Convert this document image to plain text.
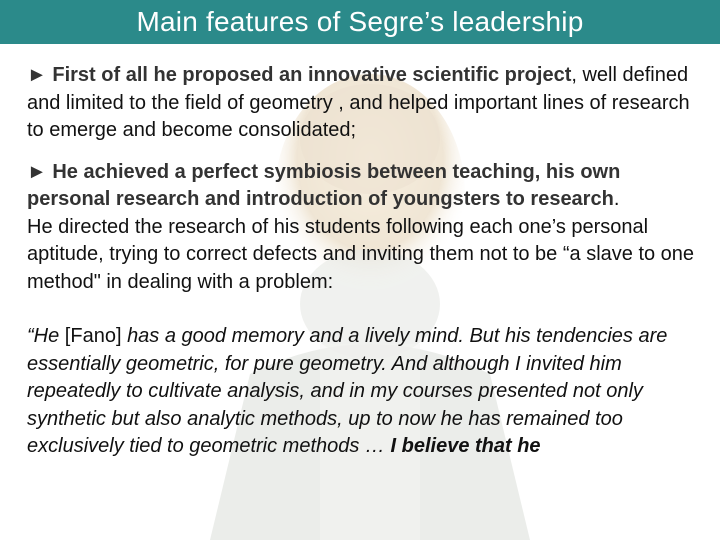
Main features of Segre’s leadership

► First of all he proposed an innovative scientific project, well defined and limited to the field of geometry , and helped important lines of research to emerge and become consolidated;

► He achieved a perfect symbiosis between teaching, his own personal research and introduction of youngsters to research.
He directed the research of his students following each one’s personal aptitude, trying to correct defects and inviting them not to be “a slave to one method" in dealing with a problem:

“He [Fano] has a good memory and a lively mind. But his tendencies are essentially geometric, for pure geometry. And although I invited him repeatedly to cultivate analysis, and in my courses presented not only synthetic but also analytic methods, up to now he has remained too exclusively tied to geometric methods … I believe that he
